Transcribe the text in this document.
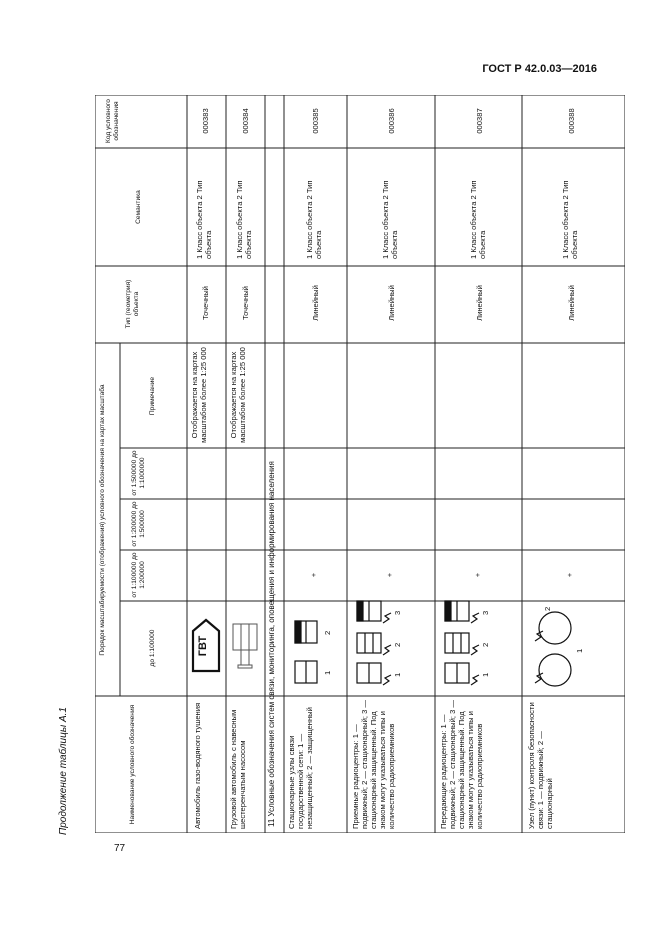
ГОСТ Р 42.0.03—2016
Продолжение таблицы А.1
77
Наименование условного обозначения
Порядок масштабируемости (отображения) условного обозначения на картах масштаба	до 1:100000
от 1:100000 до 1:200000
от 1:200000 до 1:500000
от 1:500000 до 1:1000000
Примечание
Тип (геометрия) объекта
Семантика
Код условного обозначения
11 Условные обозначения систем связи, мониторинга, оповещения и информирования населения
Автомобиль газо-водяного тушения
ГВТ
Отображается на картах масштабом более 1:25 000
Точечный
1 Класс объекта 2 Тип объекта
000383
Грузовой автомобиль с навесным шестеренчатым насосом
Отображается на картах масштабом более 1:25 000
Точечный
1 Класс объекта 2 Тип объекта
000384
Стационарные узлы связи государственной сети: 1 — незащищенный; 2 — защищенный
1
2
+
Линейный
1 Класс объекта 2 Тип объекта
000385
Приемные радиоцентры: 1 — подвижный; 2 — стационарный; 3 — стационарный защищенный. Под знаком могут указываться типы и количество радиоприемников
1
2
3
+
Линейный
1 Класс объекта 2 Тип объекта
000386
Передающие радиоцентры: 1 — подвижный; 2 — стационарный; 3 — стационарный защищенный. Под знаком могут указываться типы и количество радиоприемников
1
2
3
+
Линейный
1 Класс объекта 2 Тип объекта
000387
Узел (пункт) контроля безопасности связи: 1 — подвижный; 2 — стационарный
1
2
+
Линейный
1 Класс объекта 2 Тип объекта
000388
